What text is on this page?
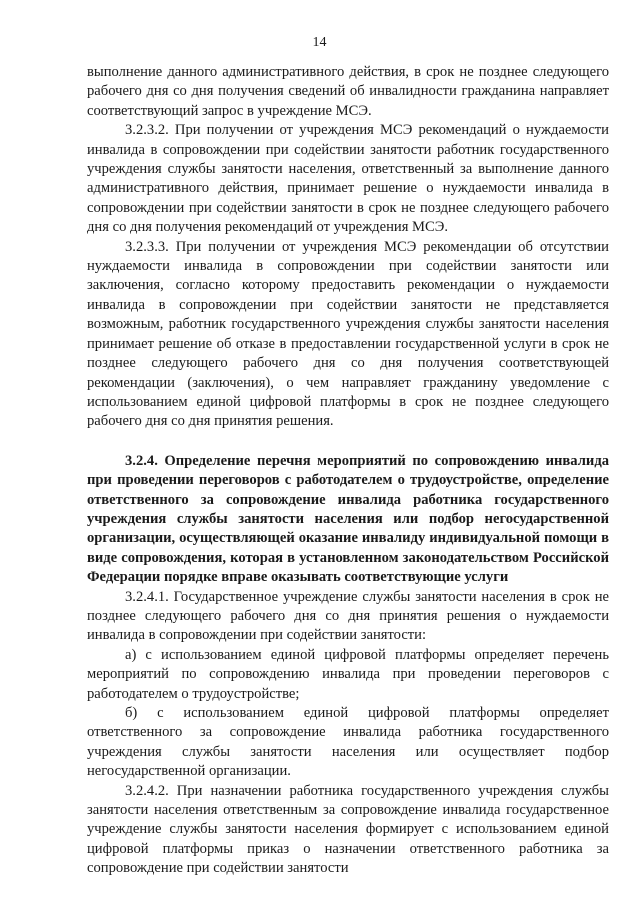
14

выполнение данного административного действия, в срок не позднее следующего рабочего дня со дня получения сведений об инвалидности гражданина направляет соответствующий запрос в учреждение МСЭ.

3.2.3.2. При получении от учреждения МСЭ рекомендаций о нуждаемости инвалида в сопровождении при содействии занятости работник государственного учреждения службы занятости населения, ответственный за выполнение данного административного действия, принимает решение о нуждаемости инвалида в сопровождении при содействии занятости в срок не позднее следующего рабочего дня со дня получения рекомендаций от учреждения МСЭ.

3.2.3.3. При получении от учреждения МСЭ рекомендации об отсутствии нуждаемости инвалида в сопровождении при содействии занятости или заключения, согласно которому предоставить рекомендации о нуждаемости инвалида в сопровождении при содействии занятости не представляется возможным, работник государственного учреждения службы занятости населения принимает решение об отказе в предоставлении государственной услуги в срок не позднее следующего рабочего дня со дня получения соответствующей рекомендации (заключения), о чем направляет гражданину уведомление с использованием единой цифровой платформы в срок не позднее следующего рабочего дня со дня принятия решения.

3.2.4. Определение перечня мероприятий по сопровождению инвалида при проведении переговоров с работодателем о трудоустройстве, определение ответственного за сопровождение инвалида работника государственного учреждения службы занятости населения или подбор негосударственной организации, осуществляющей оказание инвалиду индивидуальной помощи в виде сопровождения, которая в установленном законодательством Российской Федерации порядке вправе оказывать соответствующие услуги

3.2.4.1. Государственное учреждение службы занятости населения в срок не позднее следующего рабочего дня со дня принятия решения о нуждаемости инвалида в сопровождении при содействии занятости:

а) с использованием единой цифровой платформы определяет перечень мероприятий по сопровождению инвалида при проведении переговоров с работодателем о трудоустройстве;

б) с использованием единой цифровой платформы определяет ответственного за сопровождение инвалида работника государственного учреждения службы занятости населения или осуществляет подбор негосударственной организации.

3.2.4.2. При назначении работника государственного учреждения службы занятости населения ответственным за сопровождение инвалида государственное учреждение службы занятости населения формирует с использованием единой цифровой платформы приказ о назначении ответственного работника за сопровождение при содействии занятости
